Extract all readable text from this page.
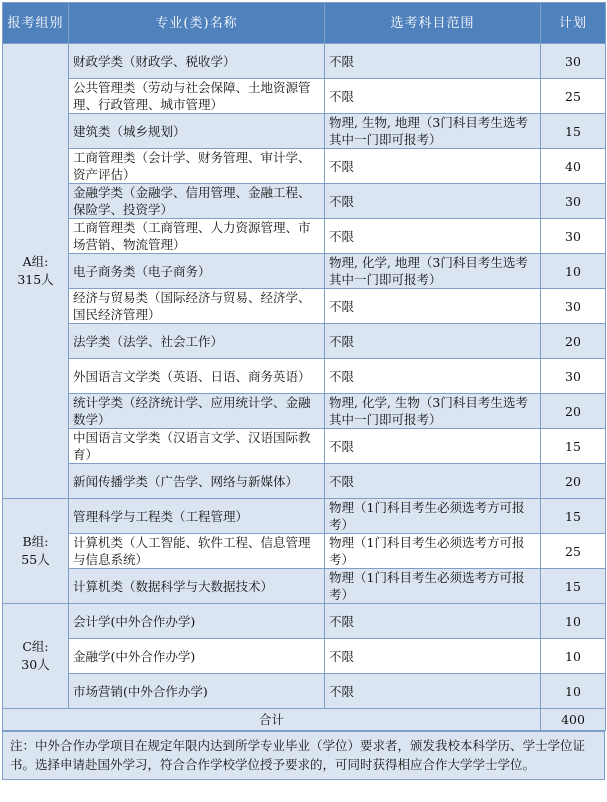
报考组别	专业(类)名称	选考科目范围	计划

A组:
315人	财政学类（财政学、税收学）	不限	30
	公共管理类（劳动与社会保障、土地资源管理、行政管理、城市管理）	不限	25
	建筑类（城乡规划）	物理, 生物, 地理（3门科目考生选考其中一门即可报考）	15
	工商管理类（会计学、财务管理、审计学、资产评估）	不限	40
	金融学类（金融学、信用管理、金融工程、保险学、投资学）	不限	30
	工商管理类（工商管理、人力资源管理、市场营销、物流管理）	不限	30
	电子商务类（电子商务）	物理, 化学, 地理（3门科目考生选考其中一门即可报考）	10
	经济与贸易类（国际经济与贸易、经济学、国民经济管理）	不限	30
	法学类（法学、社会工作）	不限	20
	外国语言文学类（英语、日语、商务英语）	不限	30
	统计学类（经济统计学、应用统计学、金融数学）	物理, 化学, 生物（3门科目考生选考其中一门即可报考）	20
	中国语言文学类（汉语言文学、汉语国际教育）	不限	15
	新闻传播学类（广告学、网络与新媒体）	不限	20

B组:
55人	管理科学与工程类（工程管理）	物理（1门科目考生必须选考方可报考）	15
	计算机类（人工智能、软件工程、信息管理与信息系统）	物理（1门科目考生必须选考方可报考）	25
	计算机类（数据科学与大数据技术）	物理（1门科目考生必须选考方可报考）	15

C组:
30人	会计学(中外合作办学)	不限	10
	金融学(中外合作办学)	不限	10
	市场营销(中外合作办学)	不限	10
合计			400
注：中外合作办学项目在规定年限内达到所学专业毕业（学位）要求者，颁发我校本科学历、学士学位证书。选择申请赴国外学习，符合合作学校学位授予要求的，可同时获得相应合作大学学士学位。
